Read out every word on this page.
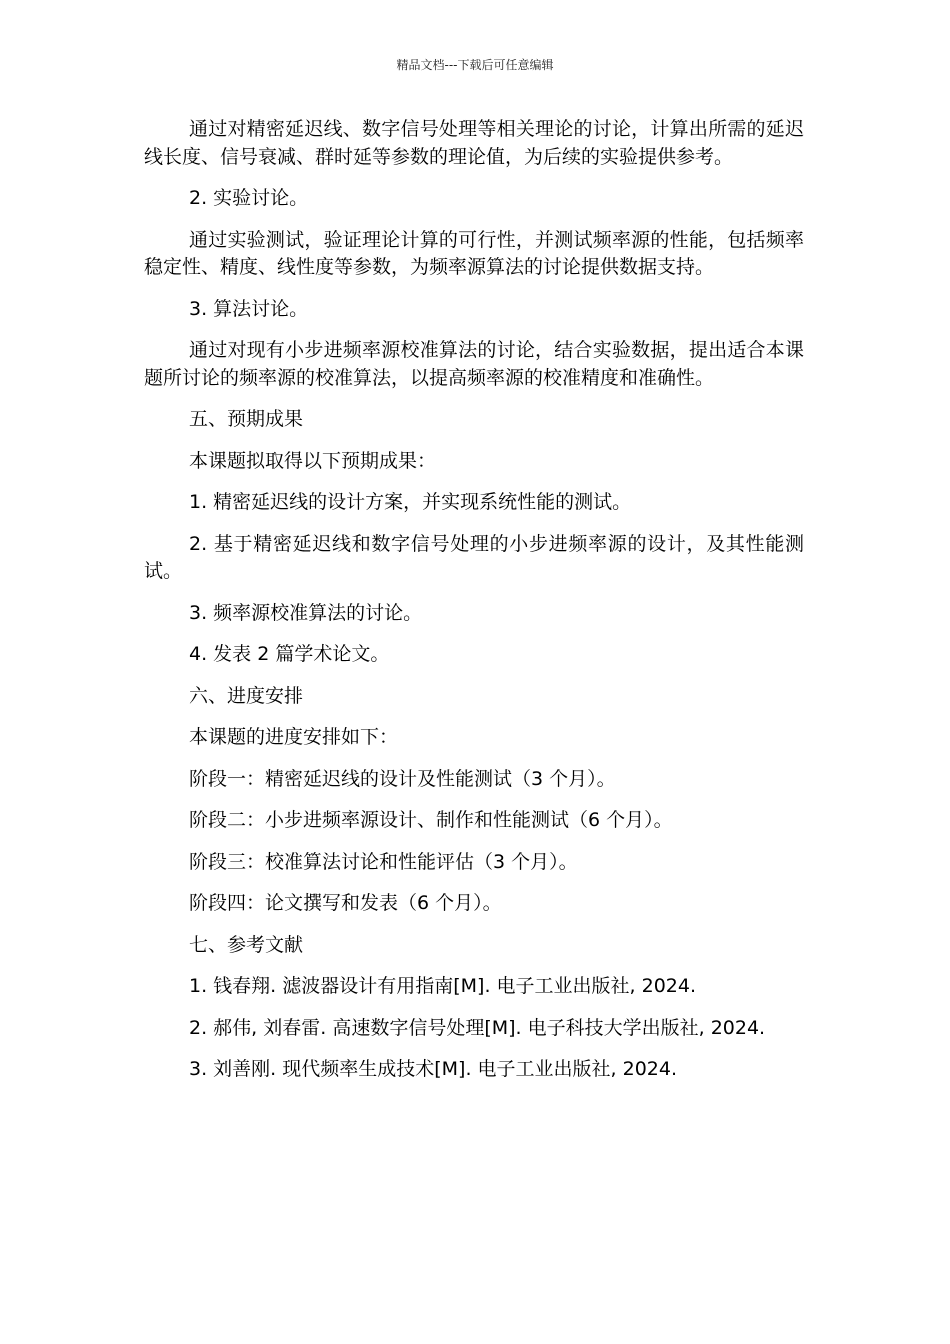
精品文档---下载后可任意编辑

通过对精密延迟线、数字信号处理等相关理论的讨论，计算出所需的延迟线长度、信号衰减、群时延等参数的理论值，为后续的实验提供参考。

2. 实验讨论。

通过实验测试，验证理论计算的可行性，并测试频率源的性能，包括频率稳定性、精度、线性度等参数，为频率源算法的讨论提供数据支持。

3. 算法讨论。

通过对现有小步进频率源校准算法的讨论，结合实验数据，提出适合本课题所讨论的频率源的校准算法，以提高频率源的校准精度和准确性。

五、预期成果

本课题拟取得以下预期成果：

1. 精密延迟线的设计方案，并实现系统性能的测试。

2. 基于精密延迟线和数字信号处理的小步进频率源的设计，及其性能测试。

3. 频率源校准算法的讨论。

4. 发表 2 篇学术论文。

六、进度安排

本课题的进度安排如下：

阶段一：精密延迟线的设计及性能测试（3 个月）。

阶段二：小步进频率源设计、制作和性能测试（6 个月）。

阶段三：校准算法讨论和性能评估（3 个月）。

阶段四：论文撰写和发表（6 个月）。

七、参考文献

1. 钱春翔. 滤波器设计有用指南[M]. 电子工业出版社, 2024.

2. 郝伟, 刘春雷. 高速数字信号处理[M]. 电子科技大学出版社, 2024.

3. 刘善刚. 现代频率生成技术[M]. 电子工业出版社, 2024.
